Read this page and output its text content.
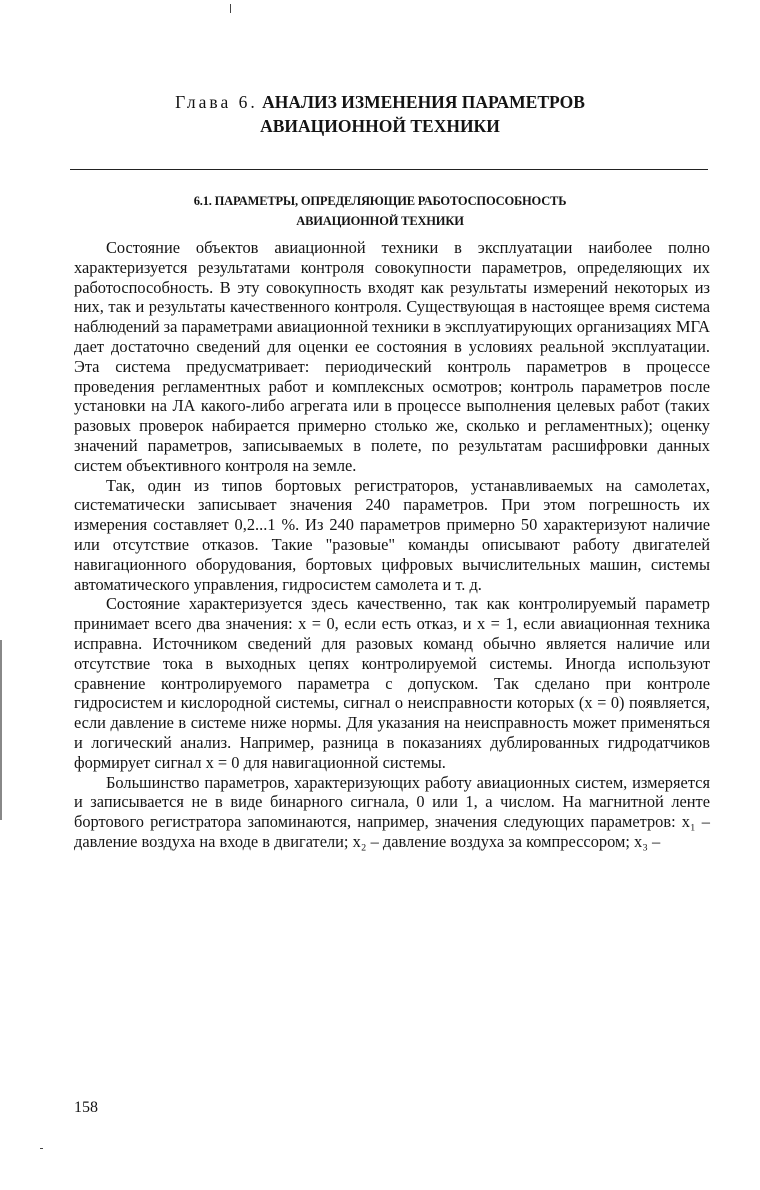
Глава 6. АНАЛИЗ ИЗМЕНЕНИЯ ПАРАМЕТРОВ
АВИАЦИОННОЙ ТЕХНИКИ
6.1. ПАРАМЕТРЫ, ОПРЕДЕЛЯЮЩИЕ РАБОТОСПОСОБНОСТЬ
АВИАЦИОННОЙ ТЕХНИКИ

Состояние объектов авиационной техники в эксплуатации наиболее полно характеризуется результатами контроля совокупности параметров, определяющих их работоспособность. В эту совокупность входят как результаты измерений некоторых из них, так и результаты качественного контроля. Существующая в настоящее время система наблюдений за параметрами авиационной техники в эксплуатирующих организациях МГА дает достаточно сведений для оценки ее состояния в условиях реальной эксплуатации. Эта система предусматривает: периодический контроль параметров в процессе проведения регламентных работ и комплексных осмотров; контроль параметров после установки на ЛА какого-либо агрегата или в процессе выполнения целевых работ (таких разовых проверок набирается примерно столько же, сколько и регламентных); оценку значений параметров, записываемых в полете, по результатам расшифровки данных систем объективного контроля на земле.

Так, один из типов бортовых регистраторов, устанавливаемых на самолетах, систематически записывает значения 240 параметров. При этом погрешность их измерения составляет 0,2...1 %. Из 240 параметров примерно 50 характеризуют наличие или отсутствие отказов. Такие "разовые" команды описывают работу двигателей навигационного оборудования, бортовых цифровых вычислительных машин, системы автоматического управления, гидросистем самолета и т. д.

Состояние характеризуется здесь качественно, так как контролируемый параметр принимает всего два значения: x = 0, если есть отказ, и x = 1, если авиационная техника исправна. Источником сведений для разовых команд обычно является наличие или отсутствие тока в выходных цепях контролируемой системы. Иногда используют сравнение контролируемого параметра с допуском. Так сделано при контроле гидросистем и кислородной системы, сигнал о неисправности которых (x = 0) появляется, если давление в системе ниже нормы. Для указания на неисправность может применяться и логический анализ. Например, разница в показаниях дублированных гидродатчиков формирует сигнал x = 0 для навигационной системы.

Большинство параметров, характеризующих работу авиационных систем, измеряется и записывается не в виде бинарного сигнала, 0 или 1, а числом. На магнитной ленте бортового регистратора запоминаются, например, значения следующих параметров: x₁ – давление воздуха на входе в двигатели; x₂ – давление воздуха за компрессором; x₃ –

158
